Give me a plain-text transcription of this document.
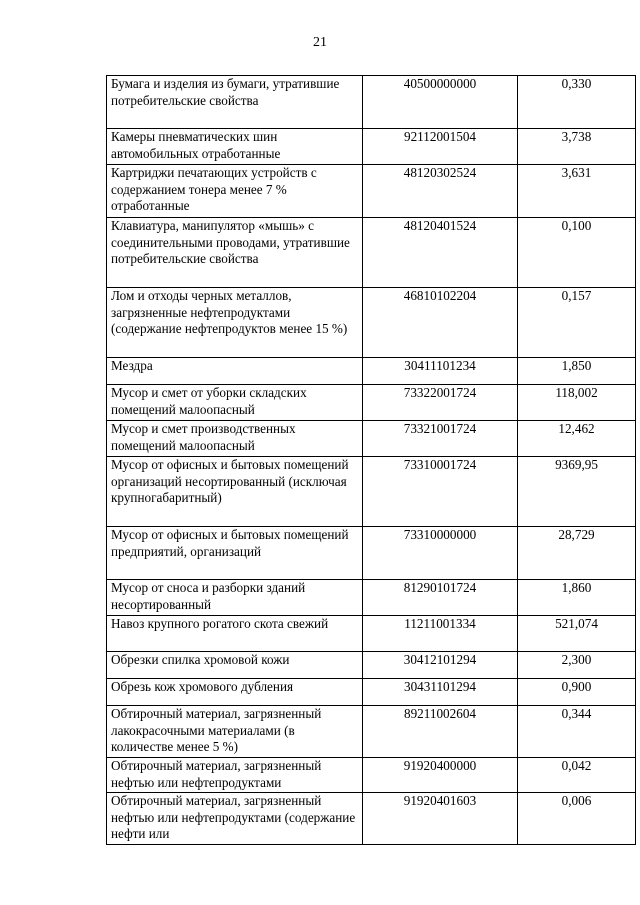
21
Бумага и изделия из бумаги, утратившие потребительские свойства	40500000000	0,330
Камеры пневматических шин автомобильных отработанные	92112001504	3,738
Картриджи печатающих устройств с содержанием тонера менее 7 % отработанные	48120302524	3,631
Клавиатура, манипулятор «мышь» с соединительными проводами, утратившие потребительские свойства	48120401524	0,100
Лом и отходы черных металлов, загрязненные нефтепродуктами (содержание нефтепродуктов менее 15 %)	46810102204	0,157
Мездра	30411101234	1,850
Мусор и смет от уборки складских помещений малоопасный	73322001724	118,002
Мусор и смет производственных помещений малоопасный	73321001724	12,462
Мусор от офисных и бытовых помещений организаций несортированный (исключая крупногабаритный)	73310001724	9369,95
Мусор от офисных и бытовых помещений предприятий, организаций	73310000000	28,729
Мусор от сноса и разборки зданий несортированный	81290101724	1,860
Навоз крупного рогатого скота свежий	11211001334	521,074
Обрезки спилка хромовой кожи	30412101294	2,300
Обрезь кож хромового дубления	30431101294	0,900
Обтирочный материал, загрязненный лакокрасочными материалами (в количестве менее 5 %)	89211002604	0,344
Обтирочный материал, загрязненный нефтью или нефтепродуктами	91920400000	0,042
Обтирочный материал, загрязненный нефтью или нефтепродуктами (содержание нефти или	91920401603	0,006
